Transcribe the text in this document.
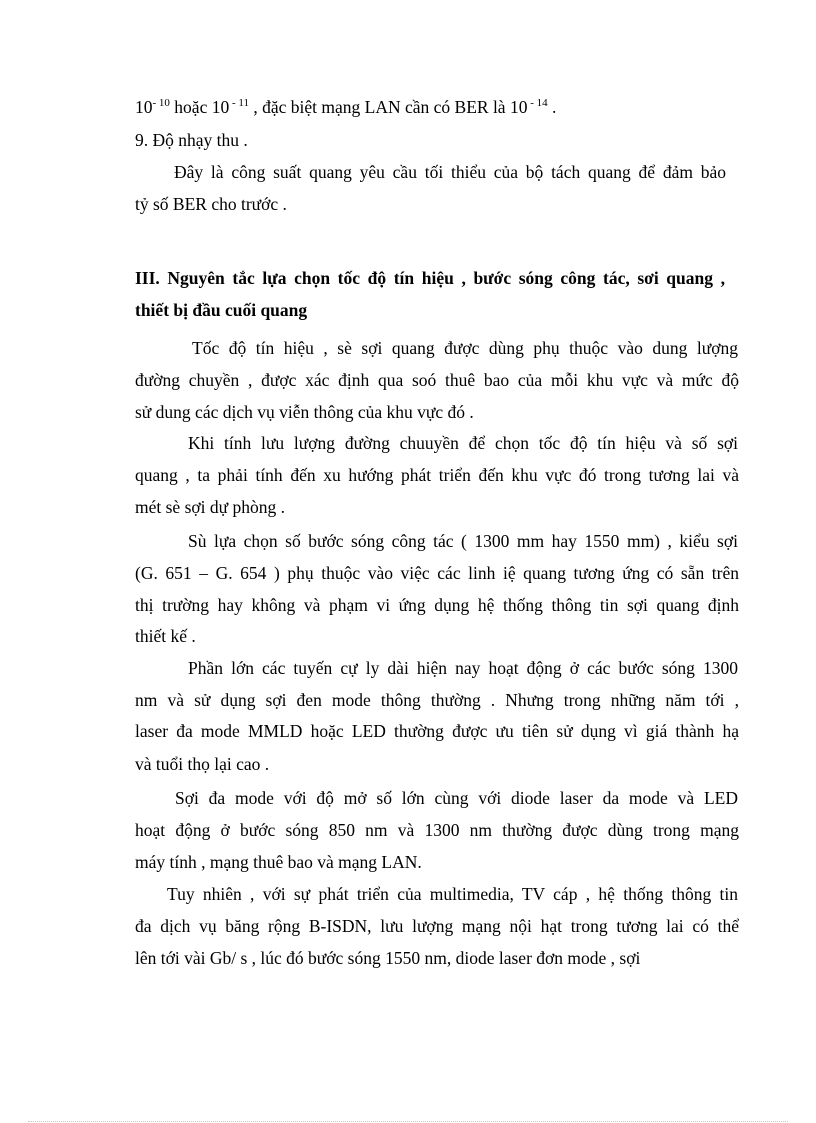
$10^{- 10}$ hoặc 10 $^{- 11}$ , đặc biệt mạng LAN cần có BER là 10 $^{- 14}$ .
9. Độ nhạy thu .
Đây là công suất quang yêu cầu tối thiểu của bộ tách quang để đảm bảo
tỷ số BER cho trước .
III. Nguyên tắc lựa chọn tốc độ tín hiệu , bước sóng công tác, sơi quang ,
thiết bị đầu cuối quang
Tốc độ tín hiệu , sè sợi quang được dùng phụ thuộc vào dung lượng
đường chuyền , được xác định qua soó thuê bao của mỗi khu vực và mức độ
sử dung các dịch vụ viễn thông của khu vực đó .
Khi tính lưu lượng đường chuuyền để chọn tốc độ tín hiệu và số sợi
quang , ta phải tính đến xu hướng phát triển đến khu vực đó trong tương lai và
mét sè sợi dự phòng .
Sù lựa chọn số bước sóng công tác ( 1300 mm hay 1550 mm) , kiểu sợi
(G. 651 – G. 654 ) phụ thuộc vào việc các linh iệ quang tương ứng có sẵn trên
thị trường hay không và phạm vi ứng dụng hệ thống thông tin sợi quang định
thiết kế .
Phần lớn các tuyến cự ly dài hiện nay hoạt động ở các bước sóng 1300
nm và sử dụng sợi đen mode thông thường . Nhưng trong những năm tới ,
laser đa mode MMLD hoặc LED thường được ưu tiên sử dụng vì giá thành hạ
và tuổi thọ lại cao .
Sợi đa mode với độ mở số lớn cùng với diode laser da mode và LED
hoạt động ở bước sóng 850 nm và 1300 nm thường được dùng trong mạng
máy tính , mạng thuê bao và mạng LAN.
Tuy nhiên , với sự phát triển của multimedia, TV cáp , hệ thống thông tin
đa dịch vụ băng rộng B-ISDN, lưu lượng mạng nội hạt trong tương lai có thể
lên tới vài Gb/ s , lúc đó bước sóng 1550 nm, diode laser đơn mode , sợi
